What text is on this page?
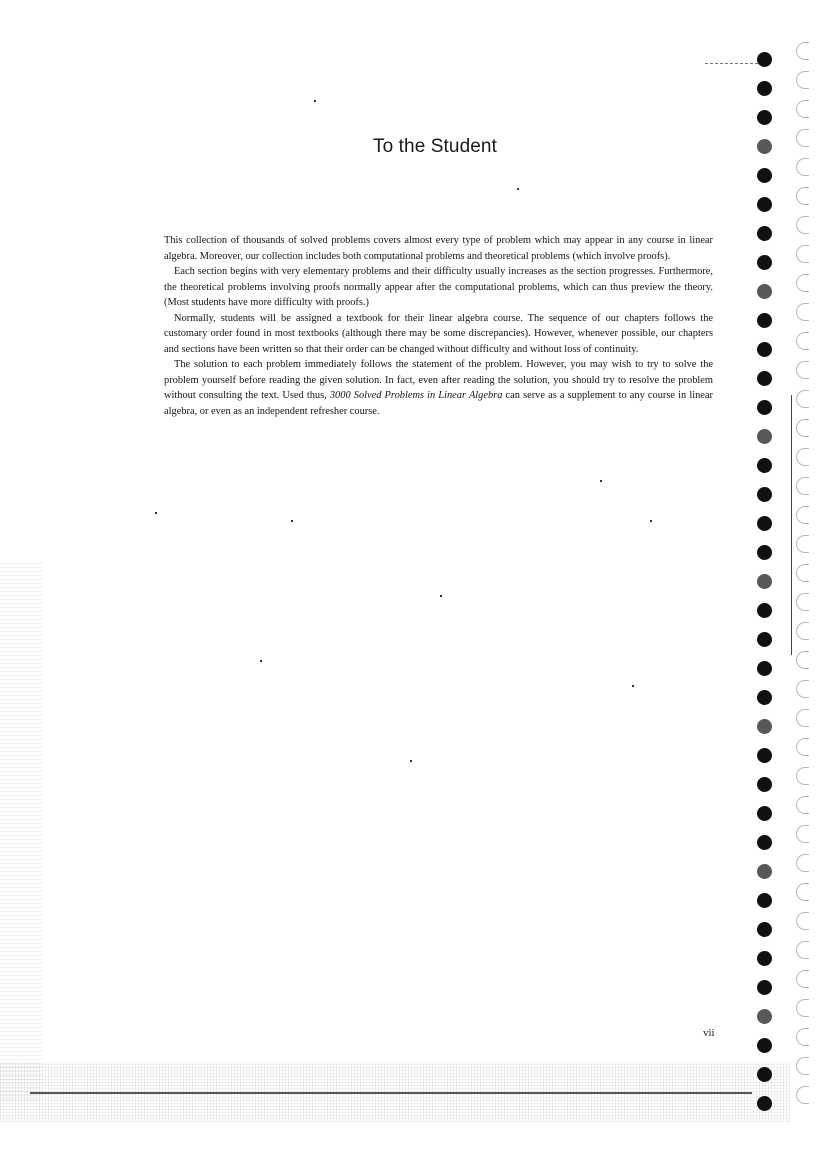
To the Student

This collection of thousands of solved problems covers almost every type of problem which may appear in any course in linear algebra. Moreover, our collection includes both computational problems and theoretical problems (which involve proofs).

Each section begins with very elementary problems and their difficulty usually increases as the section progresses. Furthermore, the theoretical problems involving proofs normally appear after the computational problems, which can thus preview the theory. (Most students have more difficulty with proofs.)

Normally, students will be assigned a textbook for their linear algebra course. The sequence of our chapters follows the customary order found in most textbooks (although there may be some discrepancies). However, whenever possible, our chapters and sections have been written so that their order can be changed without difficulty and without loss of continuity.

The solution to each problem immediately follows the statement of the problem. However, you may wish to try to solve the problem yourself before reading the given solution. In fact, even after reading the solution, you should try to resolve the problem without consulting the text. Used thus, 3000 Solved Problems in Linear Algebra can serve as a supplement to any course in linear algebra, or even as an independent refresher course.

vii
